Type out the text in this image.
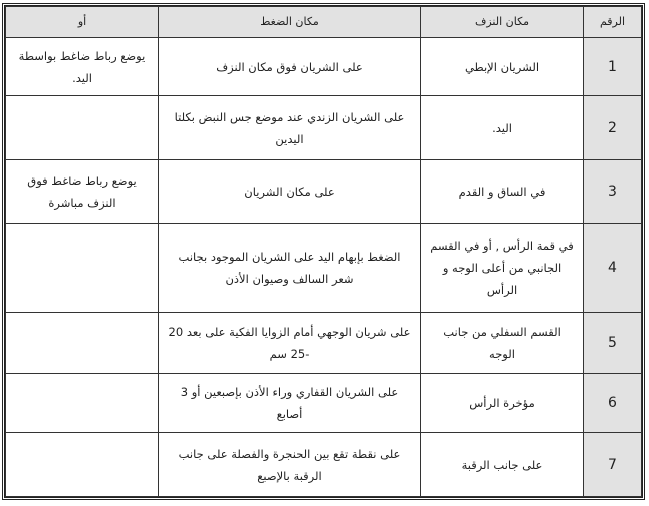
الرقم	مكان النزف	مكان الضغط	أو
1	الشريان الإبطي	على الشريان فوق مكان النزف	يوضع رباط ضاغط بواسطة اليد.
2	اليد.	على الشريان الزندي عند موضع جس النبض بكلتا اليدين	
3	في الساق و القدم	على مكان الشريان	يوضع رباط ضاغط فوق النزف مباشرة
4	في قمة الرأس , أو في القسم الجانبي من أعلى الوجه و الرأس	الضغط بإبهام اليد على الشريان الموجود بجانب شعر السالف وصيوان الأذن	
5	القسم السفلي من جانب الوجه	على شريان الوجهي أمام الزوايا الفكية على بعد 20 -25 سم	
6	مؤخرة الرأس	على الشريان القفاري وراء الأذن بإصبعين أو 3 أصابع	
7	على جانب الرقبة	على نقطة تقع بين الحنجرة والفصلة على جانب الرقبة بالإصبع	
